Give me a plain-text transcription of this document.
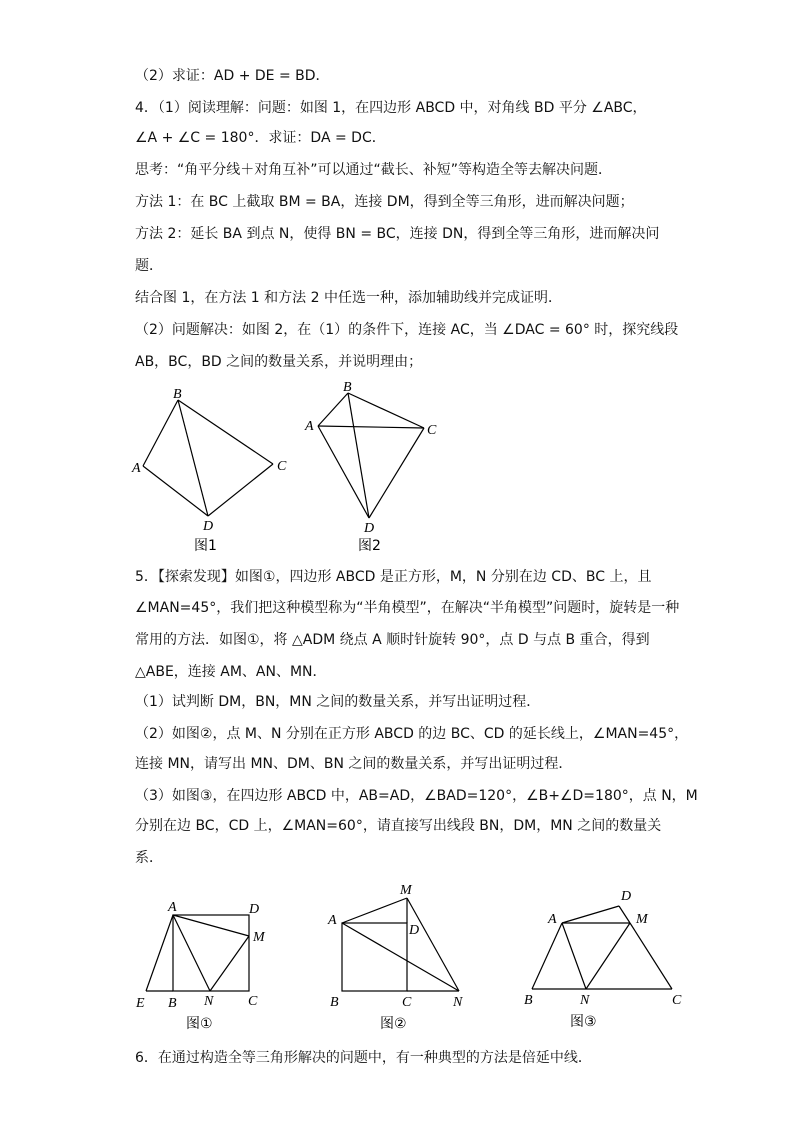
（2）求证：AD + DE = BD．
4．（1）阅读理解：问题：如图 1，在四边形 ABCD 中，对角线 BD 平分 ∠ABC，
∠A + ∠C = 180°．求证：DA = DC．
思考：“角平分线＋对角互补”可以通过“截长、补短”等构造全等去解决问题．
方法 1：在 BC 上截取 BM = BA，连接 DM，得到全等三角形，进而解决问题；
方法 2：延长 BA 到点 N，使得 BN = BC，连接 DN，得到全等三角形，进而解决问
题．
结合图 1，在方法 1 和方法 2 中任选一种，添加辅助线并完成证明．
（2）问题解决：如图 2，在（1）的条件下，连接 AC，当 ∠DAC = 60° 时，探究线段
AB，BC，BD 之间的数量关系，并说明理由；
B
A	C
D
图1
B
A	C
D
图2
5．【探索发现】如图①，四边形 ABCD 是正方形，M，N 分别在边 CD、BC 上，且
∠MAN=45°，我们把这种模型称为“半角模型”，在解决“半角模型”问题时，旋转是一种
常用的方法．如图①，将 △ADM 绕点 A 顺时针旋转 90°，点 D 与点 B 重合，得到
△ABE，连接 AM、AN、MN．
（1）试判断 DM，BN，MN 之间的数量关系，并写出证明过程．
（2）如图②，点 M、N 分别在正方形 ABCD 的边 BC、CD 的延长线上，∠MAN=45°，
连接 MN，请写出 MN、DM、BN 之间的数量关系，并写出证明过程．
（3）如图③，在四边形 ABCD 中，AB=AD，∠BAD=120°，∠B+∠D=180°，点 N，M
分别在边 BC，CD 上，∠MAN=60°，请直接写出线段 BN，DM，MN 之间的数量关
系．
A	D
M
E B N C
图①
M
A
D
B	C	N
图②
D
A	M
B	N	C
图③
6．在通过构造全等三角形解决的问题中，有一种典型的方法是倍延中线．
